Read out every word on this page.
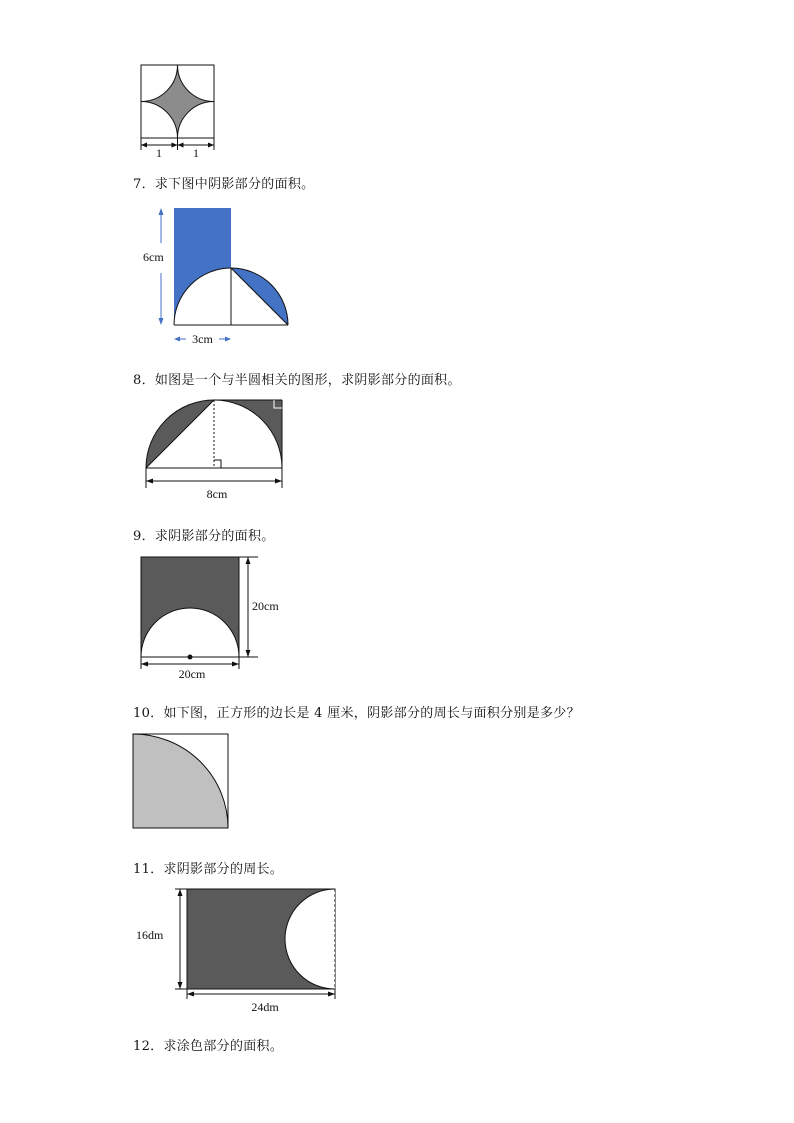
1	1
7．求下图中阴影部分的面积。
6cm
3cm
8．如图是一个与半圆相关的图形，求阴影部分的面积。
8cm
9．求阴影部分的面积。
20cm
20cm
10．如下图，正方形的边长是 4 厘米，阴影部分的周长与面积分别是多少？
11．求阴影部分的周长。
16dm
24dm
12．求涂色部分的面积。
